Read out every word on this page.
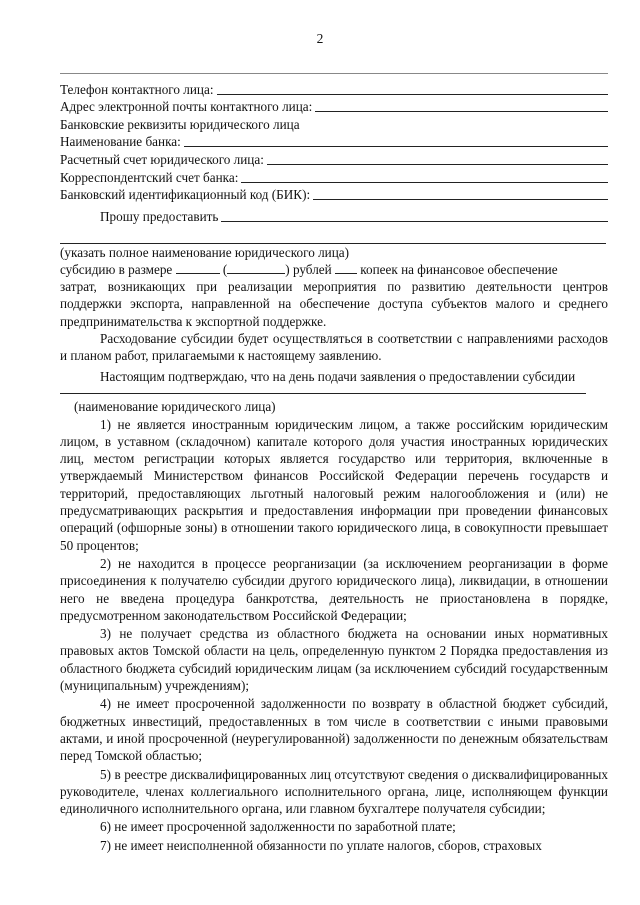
2
Телефон контактного лица:
Адрес электронной почты контактного лица:
Банковские реквизиты юридического лица
Наименование банка:
Расчетный счет юридического лица:
Корреспондентский счет банка:
Банковский идентификационный код (БИК):
Прошу предоставить
(указать полное наименование юридического лица)
субсидию в размере	(	) рублей копеек на финансовое обеспечение

затрат, возникающих при реализации мероприятия по развитию деятельности центров поддержки экспорта, направленной на обеспечение доступа субъектов малого и среднего предпринимательства к экспортной поддержке.

Расходование субсидии будет осуществляться в соответствии с направлениями расходов и планом работ, прилагаемыми к настоящему заявлению.

Настоящим подтверждаю, что на день подачи заявления о предоставлении субсидии

(наименование юридического лица)

1) не является иностранным юридическим лицом, а также российским юридическим лицом, в уставном (складочном) капитале которого доля участия иностранных юридических лиц, местом регистрации которых является государство или территория, включенные в утверждаемый Министерством финансов Российской Федерации перечень государств и территорий, предоставляющих льготный налоговый режим налогообложения и (или) не предусматривающих раскрытия и предоставления информации при проведении финансовых операций (офшорные зоны) в отношении такого юридического лица, в совокупности превышает 50 процентов;

2) не находится в процессе реорганизации (за исключением реорганизации в форме присоединения к получателю субсидии другого юридического лица), ликвидации, в отношении него не введена процедура банкротства, деятельность не приостановлена в порядке, предусмотренном законодательством Российской Федерации;

3) не получает средства из областного бюджета на основании иных нормативных правовых актов Томской области на цель, определенную пунктом 2 Порядка предоставления из областного бюджета субсидий юридическим лицам (за исключением субсидий государственным (муниципальным) учреждениям);

4) не имеет просроченной задолженности по возврату в областной бюджет субсидий, бюджетных инвестиций, предоставленных в том числе в соответствии с иными правовыми актами, и иной просроченной (неурегулированной) задолженности по денежным обязательствам перед Томской областью;

5) в реестре дисквалифицированных лиц отсутствуют сведения о дисквалифицированных руководителе, членах коллегиального исполнительного органа, лице, исполняющем функции единоличного исполнительного органа, или главном бухгалтере получателя субсидии;

6) не имеет просроченной задолженности по заработной плате;

7) не имеет неисполненной обязанности по уплате налогов, сборов, страховых
